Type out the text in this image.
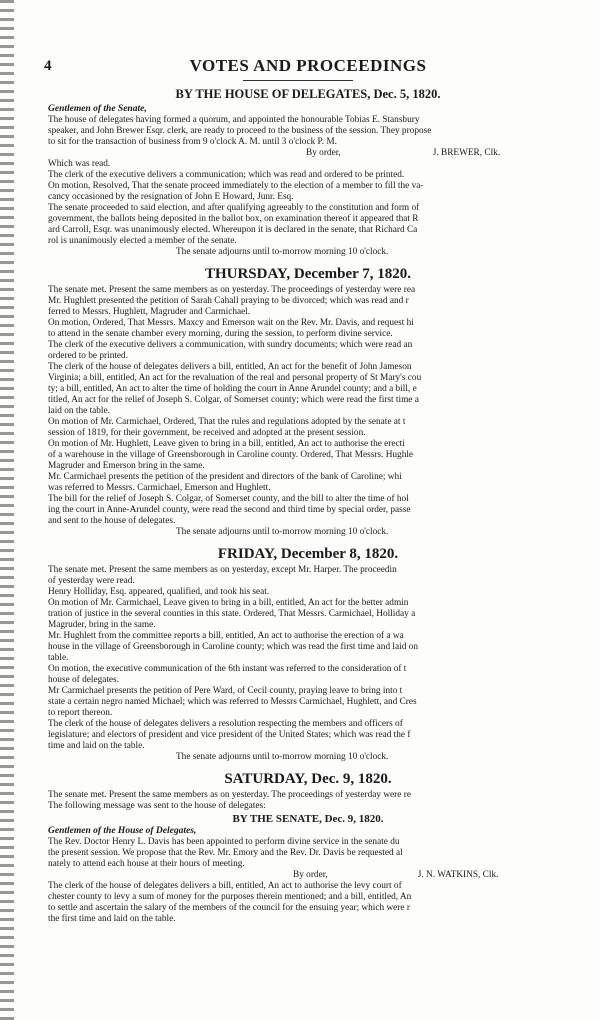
4	VOTES AND PROCEEDINGS
BY THE HOUSE OF DELEGATES, Dec. 5, 1820.
Gentlemen of the Senate,

The house of delegates having formed a quorum, and appointed the honourable Tobias E. Stansbury

speaker, and John Brewer Esqr. clerk, are ready to proceed to the business of the session. They propose

to sit for the transaction of business from 9 o'clock A. M. until 3 o'clock P. M.

By order,	J. BREWER, Clk.

Which was read.

The clerk of the executive delivers a communication; which was read and ordered to be printed.

On motion, Resolved, That the senate proceed immediately to the election of a member to fill the va-

cancy occasioned by the resignation of John E Howard, Junr. Esq.

The senate proceeded to said election, and after qualifying agreeably to the constitution and form of

government, the ballots being deposited in the ballot box, on examination thereof it appeared that R

ard Carroll, Esqr. was unanimously elected. Whereupon it is declared in the senate, that Richard Ca

rol is unanimously elected a member of the senate.

The senate adjourns until to-morrow morning 10 o'clock.

THURSDAY, December 7, 1820.

The senate met. Present the same members as on yesterday. The proceedings of yesterday were rea

Mr. Hughlett presented the petition of Sarah Cahall praying to be divorced; which was read and r

ferred to Messrs. Hughlett, Magruder and Carmichael.

On motion, Ordered, That Messrs. Maxcy and Emerson wait on the Rev. Mr. Davis, and request hi

to attend in the senate chamber every morning, during the session, to perform divine service.

The clerk of the executive delivers a communication, with sundry documents; which were read an

ordered to be printed.

The clerk of the house of delegates delivers a bill, entitled, An act for the benefit of John Jameson

Virginia; a bill, entitled, An act for the revaluation of the real and personal property of St Mary's cou

ty; a bill, entitled, An act to alter the time of holding the court in Anne Arundel county; and a bill, e

titled, An act for the relief of Joseph S. Colgar, of Somerset county; which were read the first time a

laid on the table.

On motion of Mr. Carmichael, Ordered, That the rules and regulations adopted by the senate at t

session of 1819, for their government, be received and adopted at the present session.

On motion of Mr. Hughlett, Leave given to bring in a bill, entitled, An act to authorise the erecti

of a warehouse in the village of Greensborough in Caroline county. Ordered, That Messrs. Hughle

Magruder and Emerson bring in the same.

Mr. Carmichael presents the petition of the president and directors of the bank of Caroline; whi

was referred to Messrs. Carmichael, Emerson and Hughlett.

The bill for the relief of Joseph S. Colgar, of Somerset county, and the bill to alter the time of hol

ing the court in Anne-Arundel county, were read the second and third time by special order, passe

and sent to the house of delegates.

The senate adjourns until to-morrow morning 10 o'clock.

FRIDAY, December 8, 1820.

The senate met. Present the same members as on yesterday, except Mr. Harper. The proceedin

of yesterday were read.

Henry Holliday, Esq. appeared, qualified, and took his seat.

On motion of Mr. Carmichael, Leave given to bring in a bill, entitled, An act for the better admin

tration of justice in the several counties in this state. Ordered, That Messrs. Carmichael, Holliday a

Magruder, bring in the same.

Mr. Hughlett from the committee reports a bill, entitled, An act to authorise the erection of a wa

house in the village of Greensborough in Caroline county; which was read the first time and laid on

table.

On motion, the executive communication of the 6th instant was referred to the consideration of t

house of delegates.

Mr Carmichael presents the petition of Pere Ward, of Cecil county, praying leave to bring into t

state a certain negro named Michael; which was referred to Messrs Carmichael, Hughlett, and Cres

to report thereon.

The clerk of the house of delegates delivers a resolution respecting the members and officers of

legislature; and electors of president and vice president of the United States; which was read the f

time and laid on the table.

The senate adjourns until to-morrow morning 10 o'clock.

SATURDAY, Dec. 9, 1820.

The senate met. Present the same members as on yesterday. The proceedings of yesterday were re

The following message was sent to the house of delegates:

BY THE SENATE, Dec. 9, 1820.
Gentlemen of the House of Delegates,

The Rev. Doctor Henry L. Davis has been appointed to perform divine service in the senate du

the present session. We propose that the Rev. Mr. Emory and the Rev. Dr. Davis be requested al

nately to attend each house at their hours of meeting.

By order,	J. N. WATKINS, Clk.

The clerk of the house of delegates delivers a bill, entitled, An act to authorise the levy court of

chester county to levy a sum of money for the purposes therein mentioned; and a bill, entitled, An

to settle and ascertain the salary of the members of the council for the ensuing year; which were r

the first time and laid on the table.
